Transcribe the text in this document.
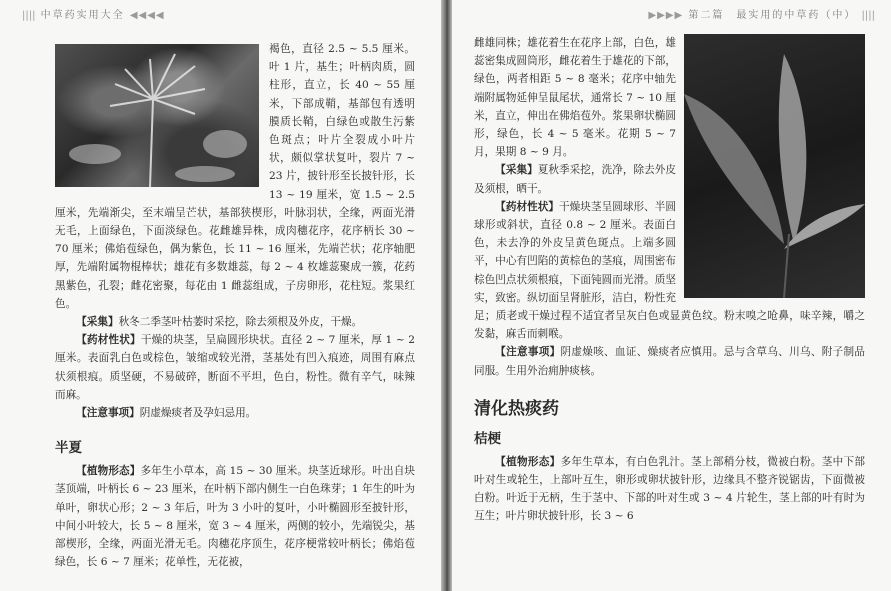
|||| 中草药实用大全 ◀◀◀◀

褐色，直径 2.5 ~ 5.5 厘米。叶 1 片，基生；叶柄肉质，圆柱形，直立，长 40 ~ 55 厘米，下部成鞘，基部包有透明膜质长鞘，白绿色或散生污紫色斑点；叶片全裂成小叶片状，颇似掌状复叶，裂片 7 ~ 23 片，披针形至长披针形，长 13 ~ 19 厘米，宽 1.5 ~ 2.5 厘米，先端渐尖，至末端呈芒状，基部狭楔形，叶脉羽状，全缘，两面光滑无毛，上面绿色，下面淡绿色。花雌雄异株，成肉穗花序，花序柄长 30 ~ 70 厘米；佛焰苞绿色，偶为紫色，长 11 ~ 16 厘米，先端芒状；花序轴肥厚，先端附属物棍棒状；雄花有多数雄蕊，每 2 ~ 4 枚雄蕊聚成一簇，花药黑紫色，孔裂；雌花密聚，每花由 1 雌蕊组成，子房卵形，花柱短。浆果红色。

【采集】秋冬二季茎叶枯萎时采挖，除去须根及外皮，干燥。

【药材性状】干燥的块茎，呈扁圆形块状。直径 2 ~ 7 厘米，厚 1 ~ 2 厘米。表面乳白色或棕色，皱缩或较光滑，茎基处有凹入痕迹，周围有麻点状须根痕。质坚硬，不易破碎，断面不平坦，色白，粉性。微有辛气，味辣而麻。

【注意事项】阴虚燥痰者及孕妇忌用。

半夏

【植物形态】多年生小草本，高 15 ~ 30 厘米。块茎近球形。叶出自块茎顶端，叶柄长 6 ~ 23 厘米，在叶柄下部内侧生一白色珠芽；1 年生的叶为单叶，卵状心形；2 ~ 3 年后，叶为 3 小叶的复叶，小叶椭圆形至披针形，中间小叶较大，长 5 ~ 8 厘米，宽 3 ~ 4 厘米，两侧的较小，先端锐尖，基部楔形，全缘，两面光滑无毛。肉穗花序顶生，花序梗常较叶柄长；佛焰苞绿色，长 6 ~ 7 厘米；花单性，无花被，

▶▶▶▶ 第二篇　最实用的中草药（中） ||||

雌雄同株；雄花着生在花序上部，白色，雄蕊密集成圆筒形，雌花着生于雄花的下部，绿色，两者相距 5 ~ 8 毫米；花序中轴先端附属物延伸呈鼠尾状，通常长 7 ~ 10 厘米，直立，伸出在佛焰苞外。浆果卵状椭圆形，绿色，长 4 ~ 5 毫米。花期 5 ~ 7 月，果期 8 ~ 9 月。

【采集】夏秋季采挖，洗净，除去外皮及须根，晒干。

【药材性状】干燥块茎呈圆球形、半圆球形或斜状，直径 0.8 ~ 2 厘米。表面白色，未去净的外皮呈黄色斑点。上端多圆平，中心有凹陷的黄棕色的茎痕，周围密布棕色凹点状须根痕，下面钝圆而光滑。质坚实，致密。纵切面呈肾脏形，洁白，粉性充足；质老或干燥过程不适宜者呈灰白色或显黄色纹。粉末嗅之呛鼻，味辛辣，嚼之发黏，麻舌而刺喉。

【注意事项】阴虚燥咳、血证、燥痰者应慎用。忌与含草乌、川乌、附子制品同服。生用外治痈肿痰核。

清化热痰药
桔梗

【植物形态】多年生草本，有白色乳汁。茎上部稍分枝，微被白粉。茎中下部叶对生或轮生，上部叶互生，卵形或卵状披针形，边缘具不整齐锐锯齿，下面微被白粉。叶近于无柄，生于茎中、下部的叶对生或 3 ~ 4 片轮生，茎上部的叶有时为互生；叶片卵状披针形，长 3 ~ 6
